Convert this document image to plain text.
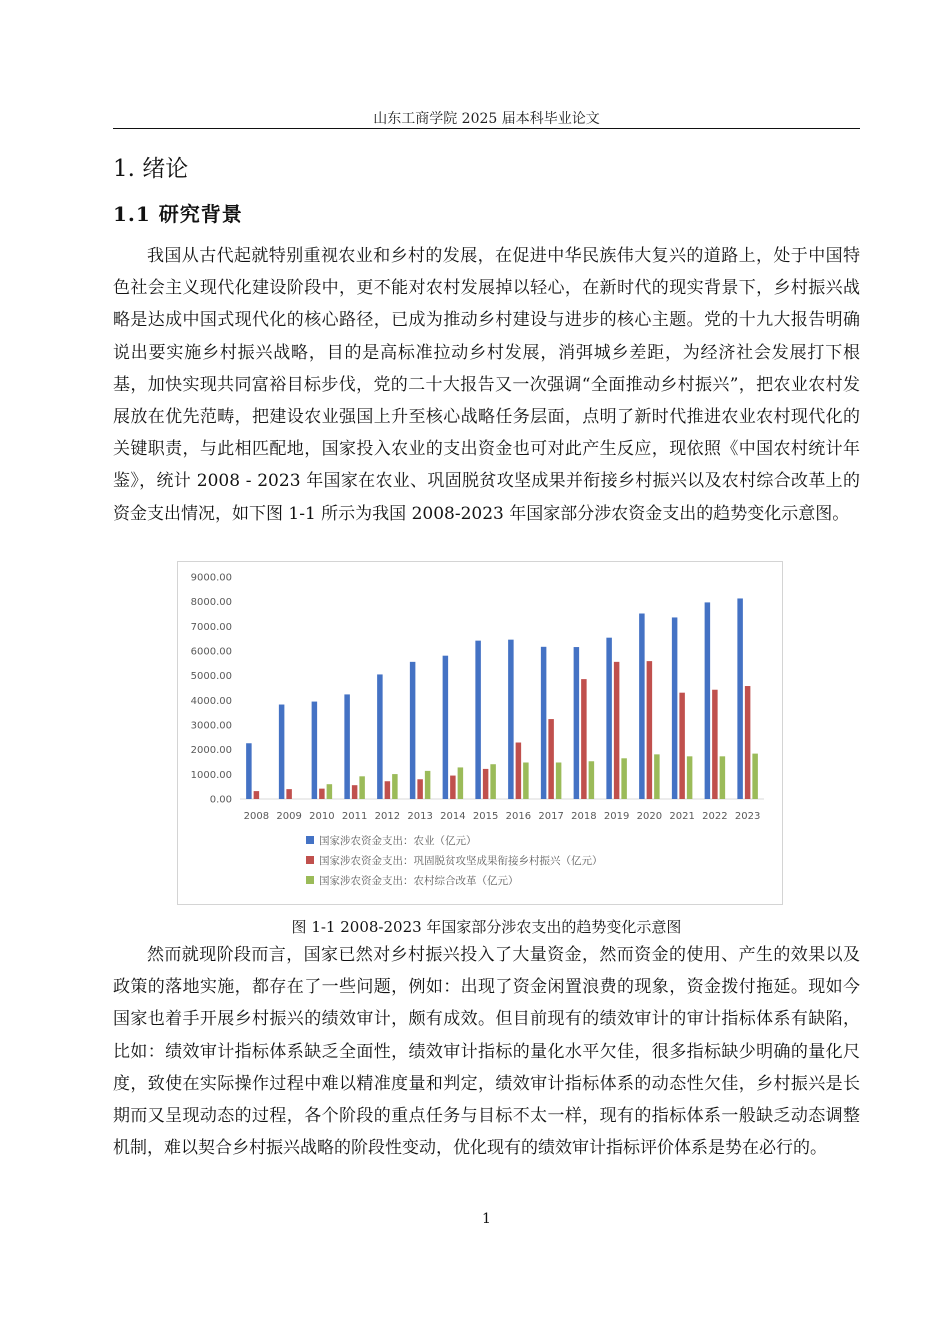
山东工商学院 2025 届本科毕业论文
1. 绪论
1.1 研究背景

我国从古代起就特别重视农业和乡村的发展，在促进中华民族伟大复兴的道路上，处于中国特色社会主义现代化建设阶段中，更不能对农村发展掉以轻心，在新时代的现实背景下，乡村振兴战略是达成中国式现代化的核心路径，已成为推动乡村建设与进步的核心主题。党的十九大报告明确说出要实施乡村振兴战略，目的是高标准拉动乡村发展，消弭城乡差距，为经济社会发展打下根基，加快实现共同富裕目标步伐，党的二十大报告又一次强调“全面推动乡村振兴”，把农业农村发展放在优先范畴，把建设农业强国上升至核心战略任务层面，点明了新时代推进农业农村现代化的关键职责，与此相匹配地，国家投入农业的支出资金也可对此产生反应，现依照《中国农村统计年鉴》，统计 2008 - 2023 年国家在农业、巩固脱贫攻坚成果并衔接乡村振兴以及农村综合改革上的资金支出情况，如下图 1-1 所示为我国 2008-2023 年国家部分涉农资金支出的趋势变化示意图。

0.00
1000.00
2000.00
3000.00
4000.00
5000.00
6000.00
7000.00
8000.00
9000.00
2008 2009 2010 2011 2012 2013 2014 2015 2016 2017 2018 2019 2020 2021 2022 2023
国家涉农资金支出：农业（亿元）
国家涉农资金支出：巩固脱贫攻坚成果衔接乡村振兴（亿元）
国家涉农资金支出：农村综合改革（亿元）
图 1-1 2008-2023 年国家部分涉农支出的趋势变化示意图

然而就现阶段而言，国家已然对乡村振兴投入了大量资金，然而资金的使用、产生的效果以及政策的落地实施，都存在了一些问题，例如：出现了资金闲置浪费的现象，资金拨付拖延。现如今国家也着手开展乡村振兴的绩效审计，颇有成效。但目前现有的绩效审计的审计指标体系有缺陷，比如：绩效审计指标体系缺乏全面性，绩效审计指标的量化水平欠佳，很多指标缺少明确的量化尺度，致使在实际操作过程中难以精准度量和判定，绩效审计指标体系的动态性欠佳，乡村振兴是长期而又呈现动态的过程，各个阶段的重点任务与目标不太一样，现有的指标体系一般缺乏动态调整机制，难以契合乡村振兴战略的阶段性变动，优化现有的绩效审计指标评价体系是势在必行的。

1
